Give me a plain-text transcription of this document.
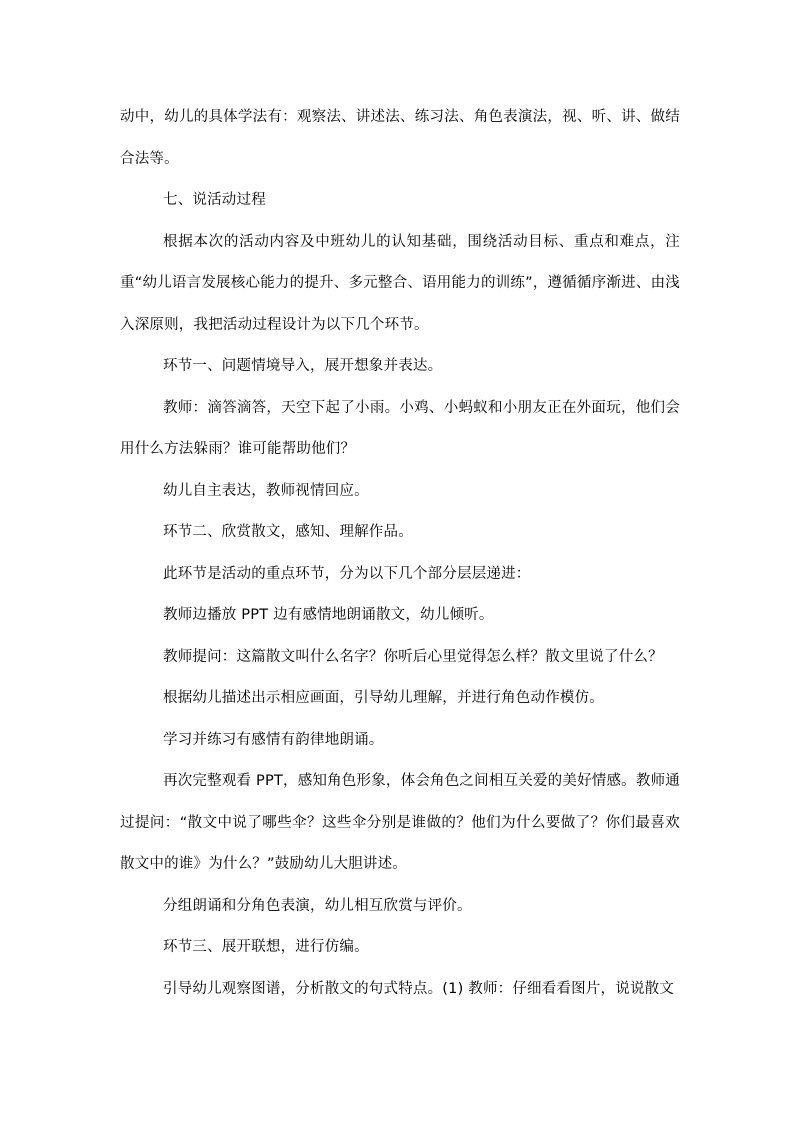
动中，幼儿的具体学法有：观察法、讲述法、练习法、角色表演法，视、听、讲、做结合法等。

七、说活动过程

根据本次的活动内容及中班幼儿的认知基础，围绕活动目标、重点和难点，注重“幼儿语言发展核心能力的提升、多元整合、语用能力的训练”，遵循循序渐进、由浅入深原则，我把活动过程设计为以下几个环节。

环节一、问题情境导入，展开想象并表达。

教师：滴答滴答，天空下起了小雨。小鸡、小蚂蚁和小朋友正在外面玩，他们会用什么方法躲雨？谁可能帮助他们？

幼儿自主表达，教师视情回应。

环节二、欣赏散文，感知、理解作品。

此环节是活动的重点环节，分为以下几个部分层层递进：

教师边播放 PPT 边有感情地朗诵散文，幼儿倾听。

教师提问：这篇散文叫什么名字？你听后心里觉得怎么样？散文里说了什么？

根据幼儿描述出示相应画面，引导幼儿理解，并进行角色动作模仿。

学习并练习有感情有韵律地朗诵。

再次完整观看 PPT，感知角色形象，体会角色之间相互关爱的美好情感。教师通过提问：“散文中说了哪些伞？这些伞分别是谁做的？他们为什么要做了？你们最喜欢散文中的谁》为什么？”鼓励幼儿大胆讲述。

分组朗诵和分角色表演，幼儿相互欣赏与评价。

环节三、展开联想，进行仿编。

引导幼儿观察图谱，分析散文的句式特点。(1) 教师：仔细看看图片，说说散文
